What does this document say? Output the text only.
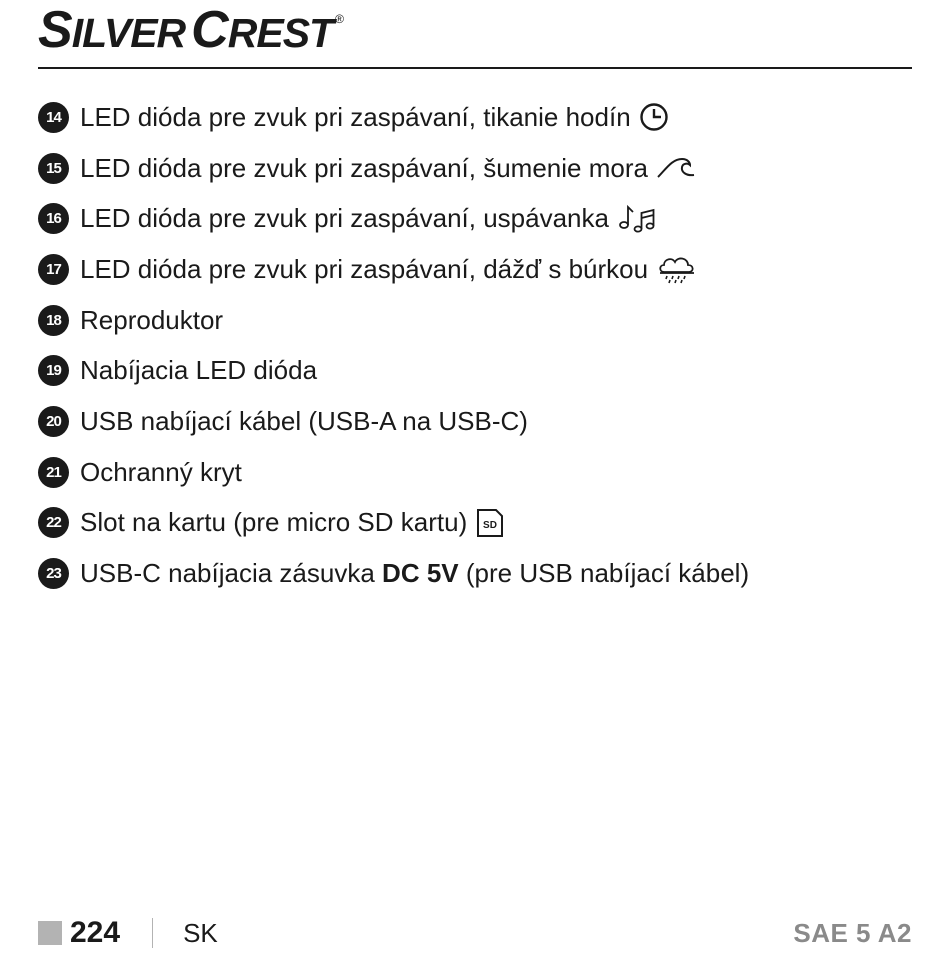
S ILVER C REST ®
14 LED dióda pre zvuk pri zaspávaní, tikanie hodín
15 LED dióda pre zvuk pri zaspávaní, šumenie mora
16 LED dióda pre zvuk pri zaspávaní, uspávanka
17 LED dióda pre zvuk pri zaspávaní, dážď s búrkou
18 Reproduktor
19 Nabíjacia LED dióda
20 USB nabíjací kábel (USB-A na USB-C)
21 Ochranný kryt
22 Slot na kartu (pre micro SD kartu) SD
23 USB-C nabíjacia zásuvka
DC 5V
(pre USB nabíjací kábel)
224 SK	SAE 5 A2
